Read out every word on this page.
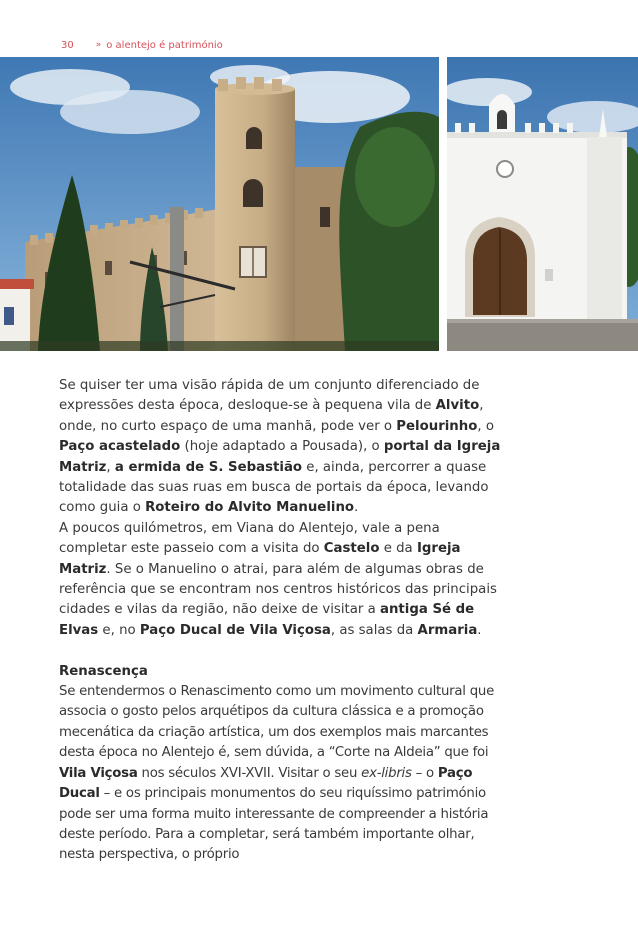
30 » o alentejo é património

Se quiser ter uma visão rápida de um conjunto diferenciado de expressões desta época, desloque-se à pequena vila de Alvito, onde, no curto espaço de uma manhã, pode ver o Pelourinho, o Paço acastelado (hoje adaptado a Pousada), o portal da Igreja Matriz, a ermida de S. Sebastião e, ainda, percorrer a quase totalidade das suas ruas em busca de portais da época, levando como guia o Roteiro do Alvito Manuelino.

A poucos quilómetros, em Viana do Alentejo, vale a pena completar este passeio com a visita do Castelo e da Igreja Matriz. Se o Manuelino o atrai, para além de algumas obras de referência que se encontram nos centros históricos das principais cidades e vilas da região, não deixe de visitar a antiga Sé de Elvas e, no Paço Ducal de Vila Viçosa, as salas da Armaria.

Renascença

Se entendermos o Renascimento como um movimento cultural que associa o gosto pelos arquétipos da cultura clássica e a promoção mecenática da criação artística, um dos exemplos mais marcantes desta época no Alentejo é, sem dúvida, a “Corte na Aldeia” que foi Vila Viçosa nos séculos XVI-XVII. Visitar o seu ex-libris – o Paço Ducal – e os principais monumentos do seu riquíssimo património pode ser uma forma muito interessante de compreender a história deste período. Para a completar, será também importante olhar, nesta perspectiva, o próprio
